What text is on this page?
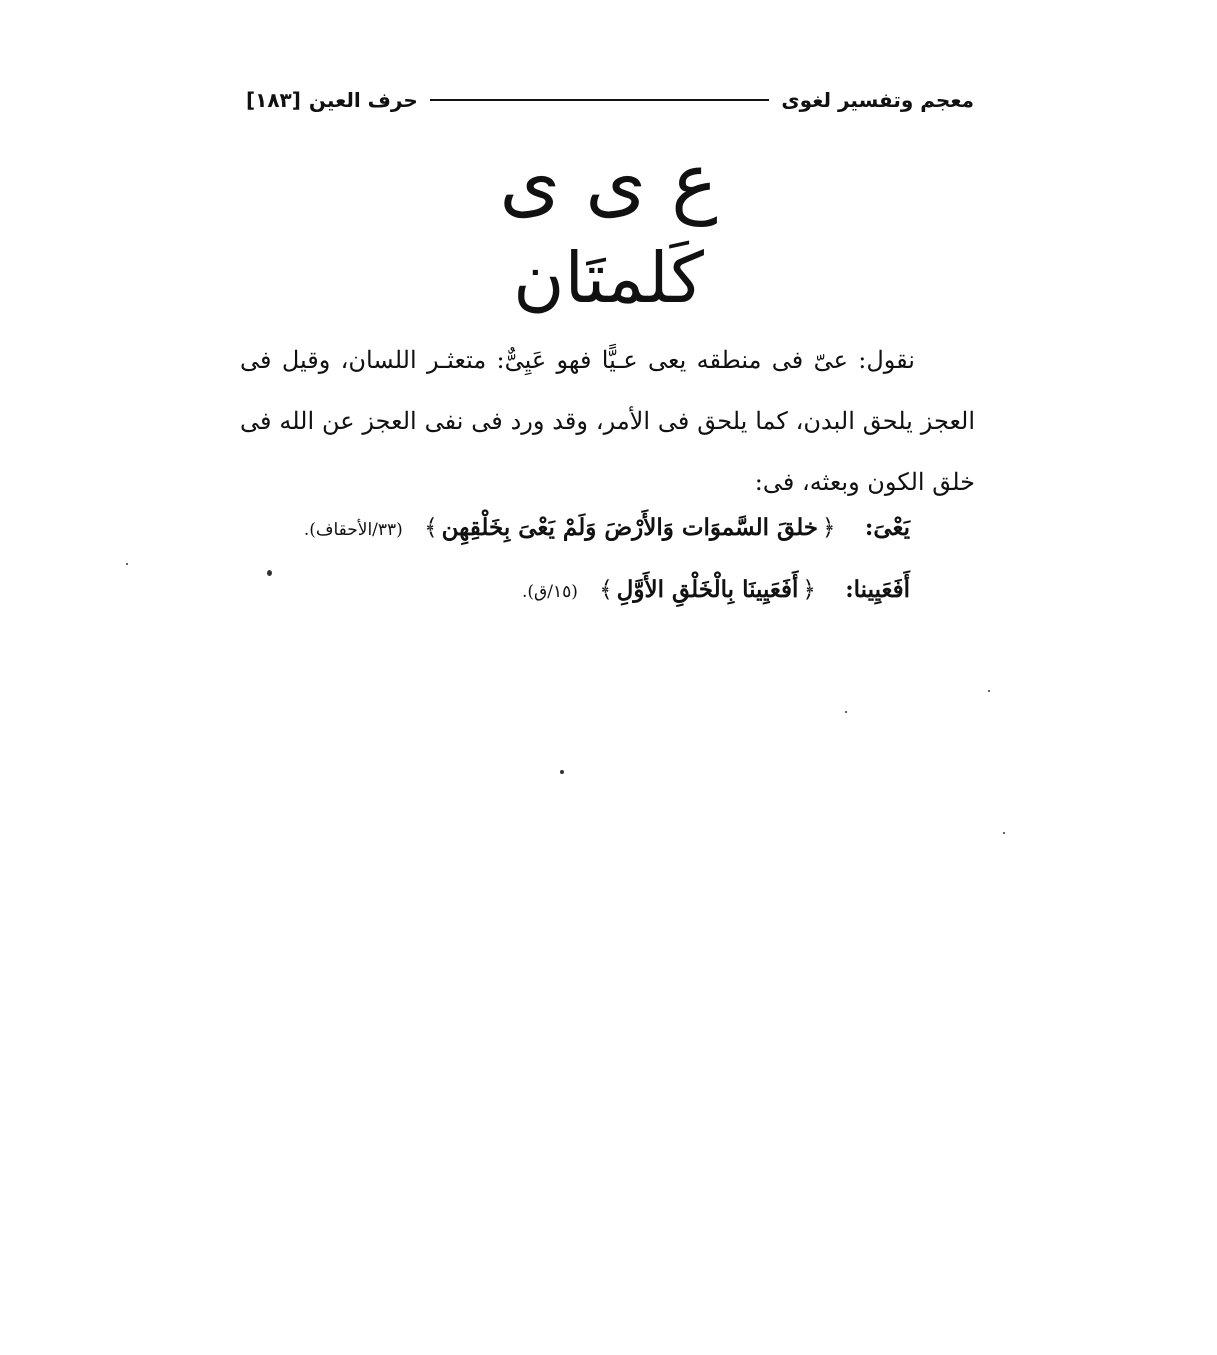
معجم وتفسير لغوى
حرف العين
[١٨٣]
ع ى ى
كَلمتَان
نقول: عىّ فى منطقه يعى عـيًّا فهو عَيِىٌّ: متعثـر اللسان، وقيل فى العجز يلحق البدن، كما يلحق فى الأمر، وقد ورد فى نفى العجز عن الله فى خلق الكون وبعثه، فى:
يَعْىَ: ﴿خلقَ السَّموَات وَالأَرْضَ وَلَمْ يَعْىَ بِخَلْقِهِن﴾ (٣٣/الأحقاف).
أَفَعَيِينا: ﴿أَفَعَيِينَا بِالْخَلْقِ الأَوَّلِ﴾ (١٥/ق).
